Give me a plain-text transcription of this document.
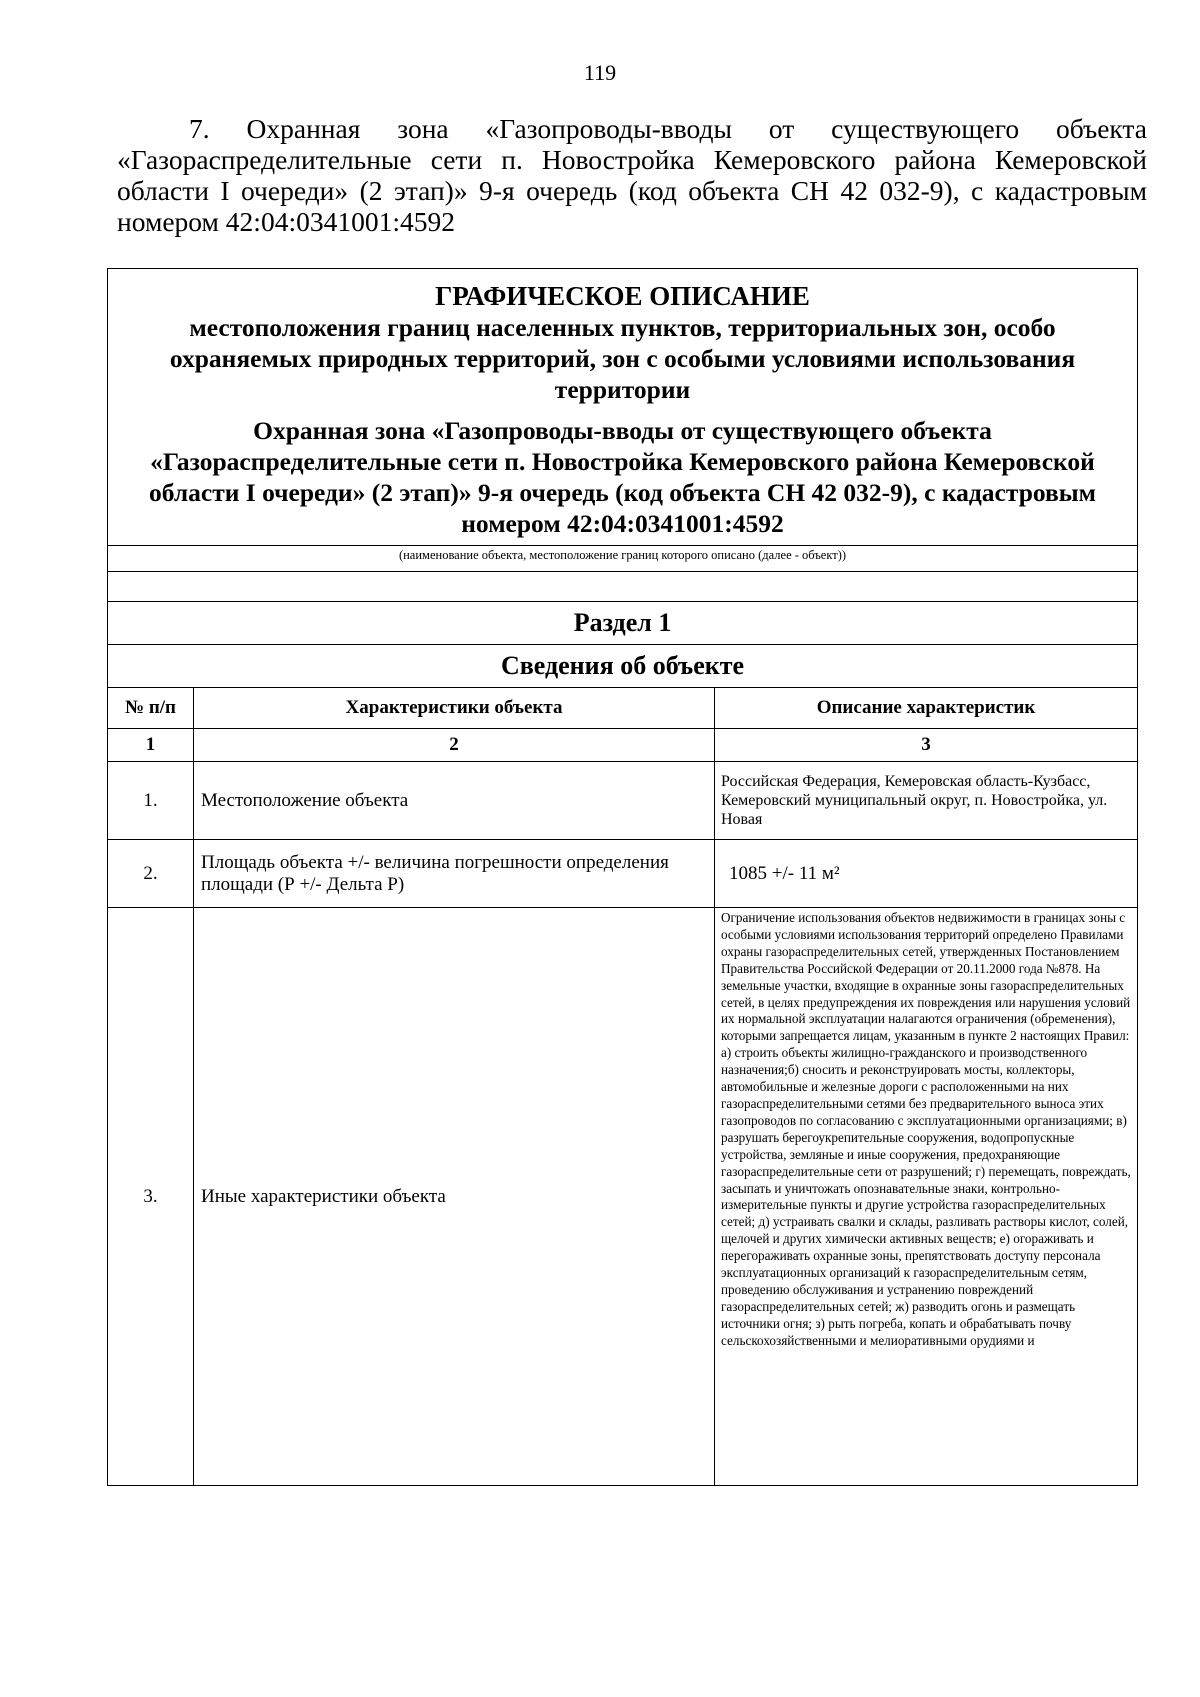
119
7. Охранная зона «Газопроводы-вводы от существующего объекта «Газораспределительные сети п. Новостройка Кемеровского района Кемеровской области I очереди» (2 этап)» 9-я очередь (код объекта СН 42 032-9), с кадастровым номером 42:04:0341001:4592
ГРАФИЧЕСКОЕ ОПИСАНИЕ
местоположения границ населенных пунктов, территориальных зон, особо охраняемых природных территорий, зон с особыми условиями использования территории
Охранная зона «Газопроводы-вводы от существующего объекта «Газораспределительные сети п. Новостройка Кемеровского района Кемеровской области I очереди» (2 этап)» 9-я очередь (код объекта СН 42 032-9), с кадастровым номером 42:04:0341001:4592		

(наименование объекта, местоположение границ которого описано (далее - объект))		

Раздел 1		
Сведения об объекте		
№ п/п	Характеристики объекта	Описание характеристик
1	2	3
1.	Местоположение объекта	Российская Федерация, Кемеровская область-Кузбасс, Кемеровский муниципальный округ, п. Новостройка, ул. Новая
2.	Площадь объекта +/- величина погрешности определения площади (Р +/- Дельта Р)	1085 +/- 11 м²
3.	Иные характеристики объекта	Ограничение использования объектов недвижимости в границах зоны с особыми условиями использования территорий определено Правилами охраны газораспределительных сетей, утвержденных Постановлением Правительства Российской Федерации от 20.11.2000 года №878. На земельные участки, входящие в охранные зоны газораспределительных сетей, в целях предупреждения их повреждения или нарушения условий их нормальной эксплуатации налагаются ограничения (обременения), которыми запрещается лицам, указанным в пункте 2 настоящих Правил: а) строить объекты жилищно-гражданского и производственного назначения;б) сносить и реконструировать мосты, коллекторы, автомобильные и железные дороги с расположенными на них газораспределительными сетями без предварительного выноса этих газопроводов по согласованию с эксплуатационными организациями; в) разрушать берегоукрепительные сооружения, водопропускные устройства, земляные и иные сооружения, предохраняющие газораспределительные сети от разрушений; г) перемещать, повреждать, засыпать и уничтожать опознавательные знаки, контрольно-измерительные пункты и другие устройства газораспределительных сетей; д) устраивать свалки и склады, разливать растворы кислот, солей, щелочей и других химически активных веществ; е) огораживать и перегораживать охранные зоны, препятствовать доступу персонала эксплуатационных организаций к газораспределительным сетям, проведению обслуживания и устранению повреждений газораспределительных сетей; ж) разводить огонь и размещать источники огня; з) рыть погреба, копать и обрабатывать почву сельскохозяйственными и мелиоративными орудиями и
